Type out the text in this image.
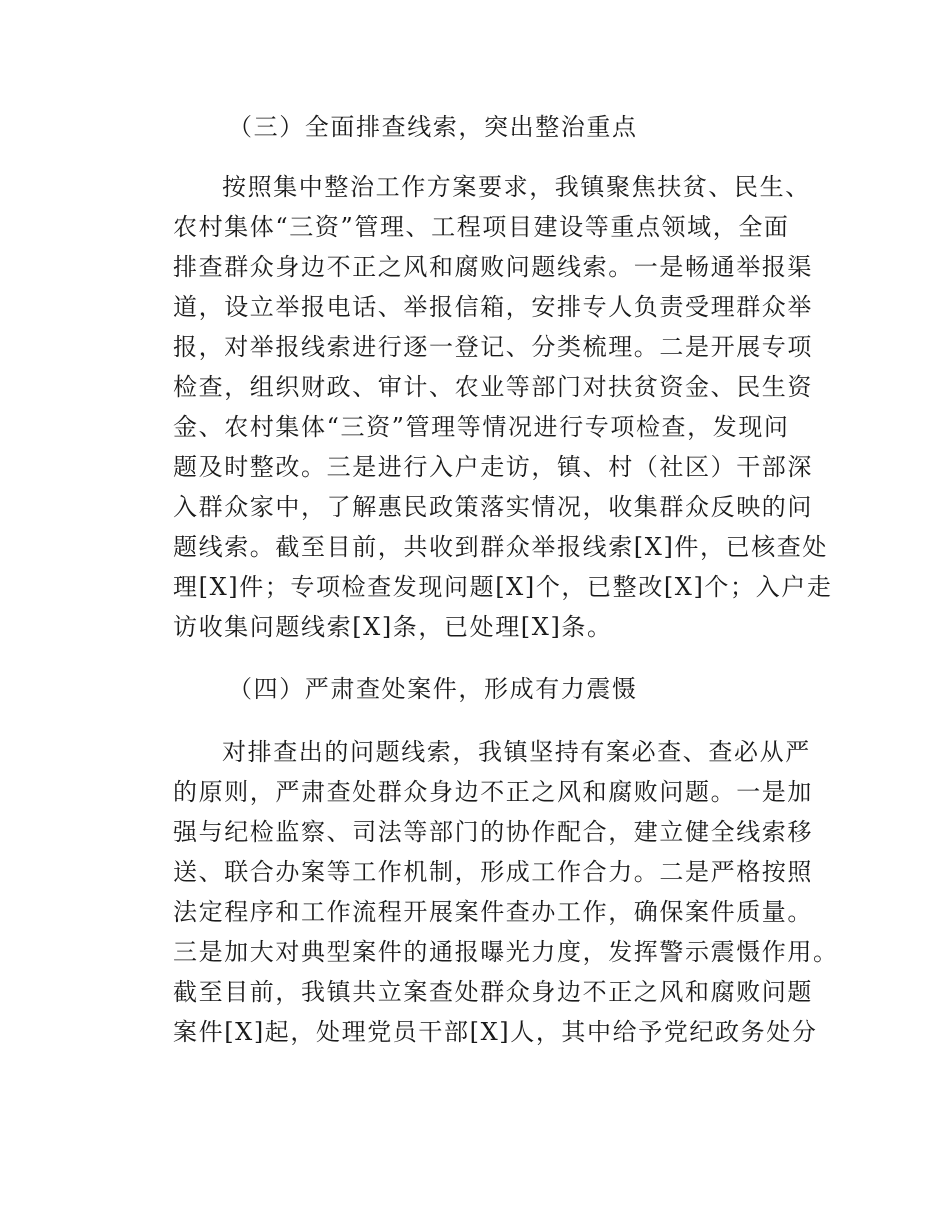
（三）全面排查线索，突出整治重点
按照集中整治工作方案要求，我镇聚焦扶贫、民生、
农村集体“三资”管理、工程项目建设等重点领域，全面
排查群众身边不正之风和腐败问题线索。一是畅通举报渠
道，设立举报电话、举报信箱，安排专人负责受理群众举
报，对举报线索进行逐一登记、分类梳理。二是开展专项
检查，组织财政、审计、农业等部门对扶贫资金、民生资
金、农村集体“三资”管理等情况进行专项检查，发现问
题及时整改。三是进行入户走访，镇、村（社区）干部深
入群众家中，了解惠民政策落实情况，收集群众反映的问
题线索。截至目前，共收到群众举报线索[X]件，已核查处
理[X]件；专项检查发现问题[X]个，已整改[X]个；入户走
访收集问题线索[X]条，已处理[X]条。
（四）严肃查处案件，形成有力震慑
对排查出的问题线索，我镇坚持有案必查、查必从严
的原则，严肃查处群众身边不正之风和腐败问题。一是加
强与纪检监察、司法等部门的协作配合，建立健全线索移
送、联合办案等工作机制，形成工作合力。二是严格按照
法定程序和工作流程开展案件查办工作，确保案件质量。
三是加大对典型案件的通报曝光力度，发挥警示震慑作用。
截至目前，我镇共立案查处群众身边不正之风和腐败问题
案件[X]起，处理党员干部[X]人，其中给予党纪政务处分
